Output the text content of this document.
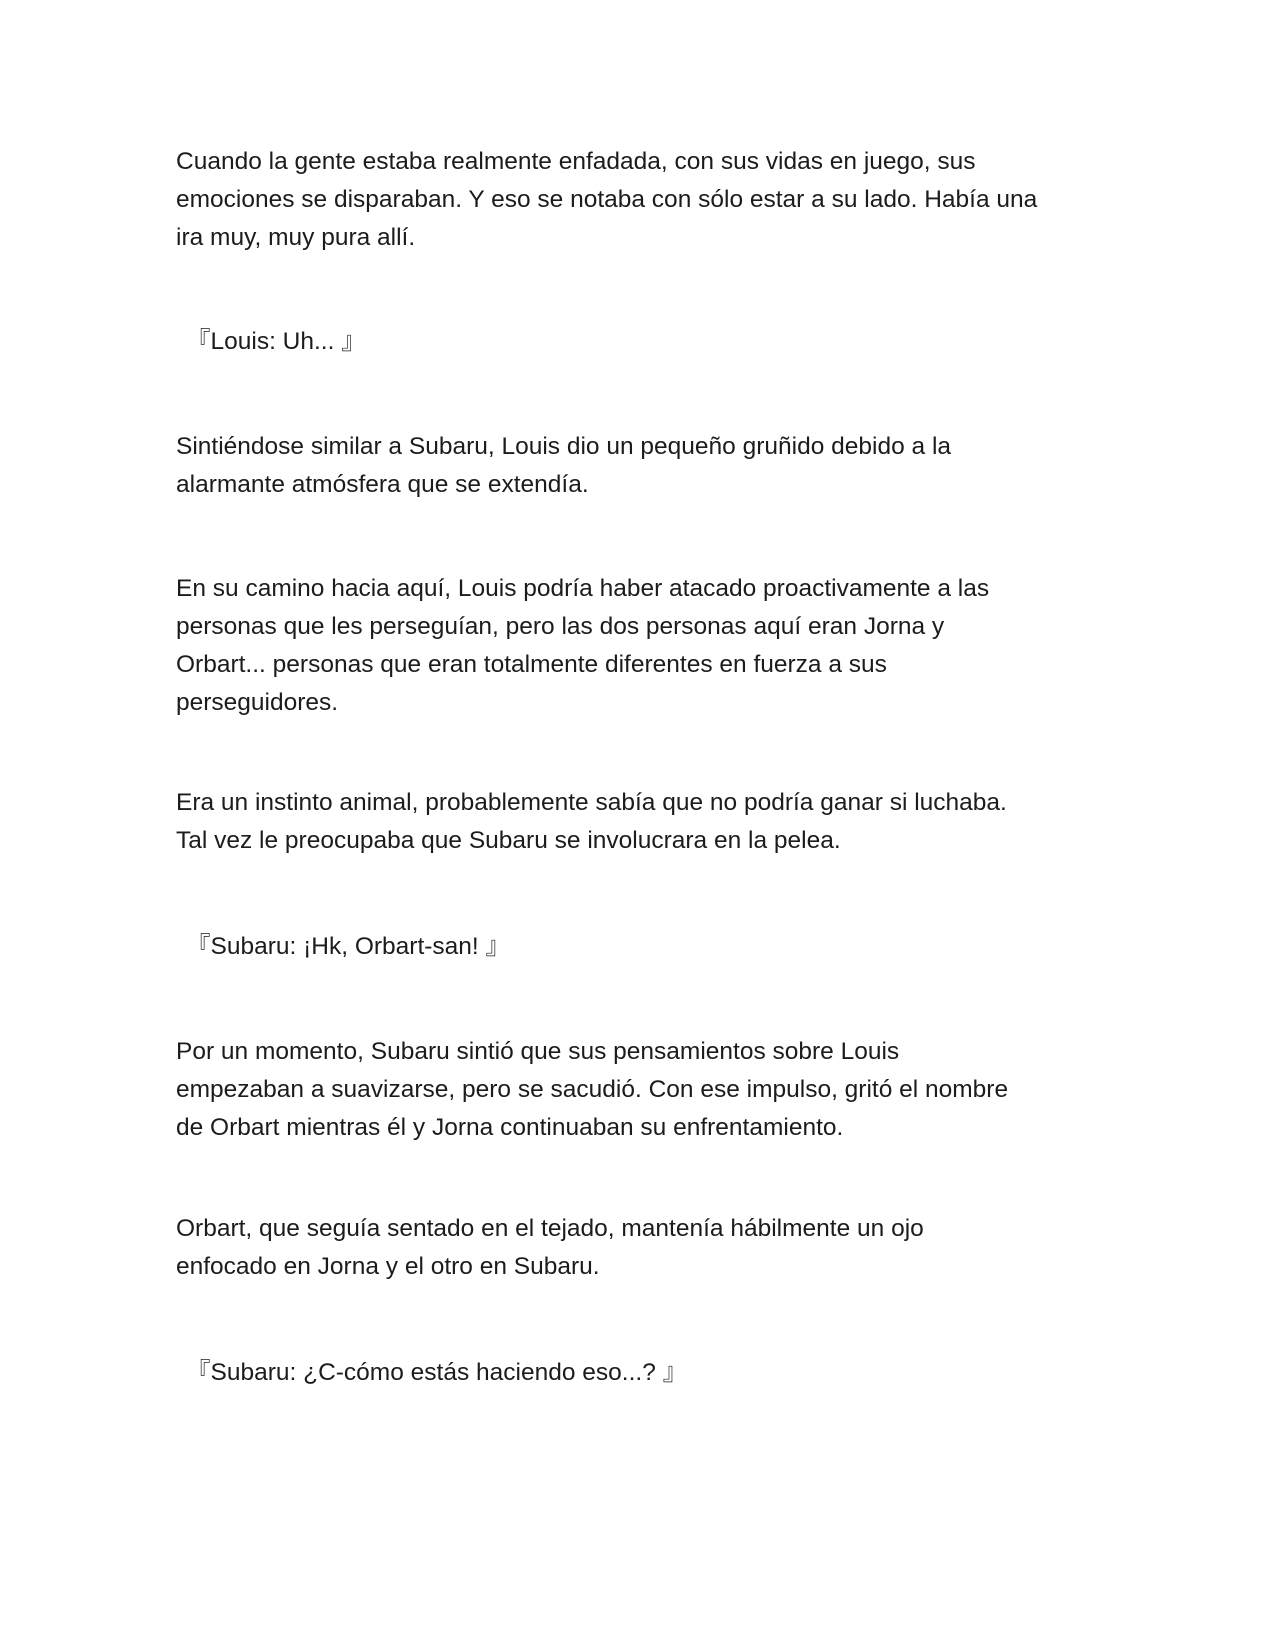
Cuando la gente estaba realmente enfadada, con sus vidas en juego, sus

emociones se disparaban. Y eso se notaba con sólo estar a su lado. Había una

ira muy, muy pura allí.

『Louis: Uh... 』

Sintiéndose similar a Subaru, Louis dio un pequeño gruñido debido a la

alarmante atmósfera que se extendía.

En su camino hacia aquí, Louis podría haber atacado proactivamente a las

personas que les perseguían, pero las dos personas aquí eran Jorna y

Orbart... personas que eran totalmente diferentes en fuerza a sus

perseguidores.

Era un instinto animal, probablemente sabía que no podría ganar si luchaba.

Tal vez le preocupaba que Subaru se involucrara en la pelea.

『Subaru: ¡Hk, Orbart-san! 』

Por un momento, Subaru sintió que sus pensamientos sobre Louis

empezaban a suavizarse, pero se sacudió. Con ese impulso, gritó el nombre

de Orbart mientras él y Jorna continuaban su enfrentamiento.

Orbart, que seguía sentado en el tejado, mantenía hábilmente un ojo

enfocado en Jorna y el otro en Subaru.

『Subaru: ¿C-cómo estás haciendo eso...? 』
